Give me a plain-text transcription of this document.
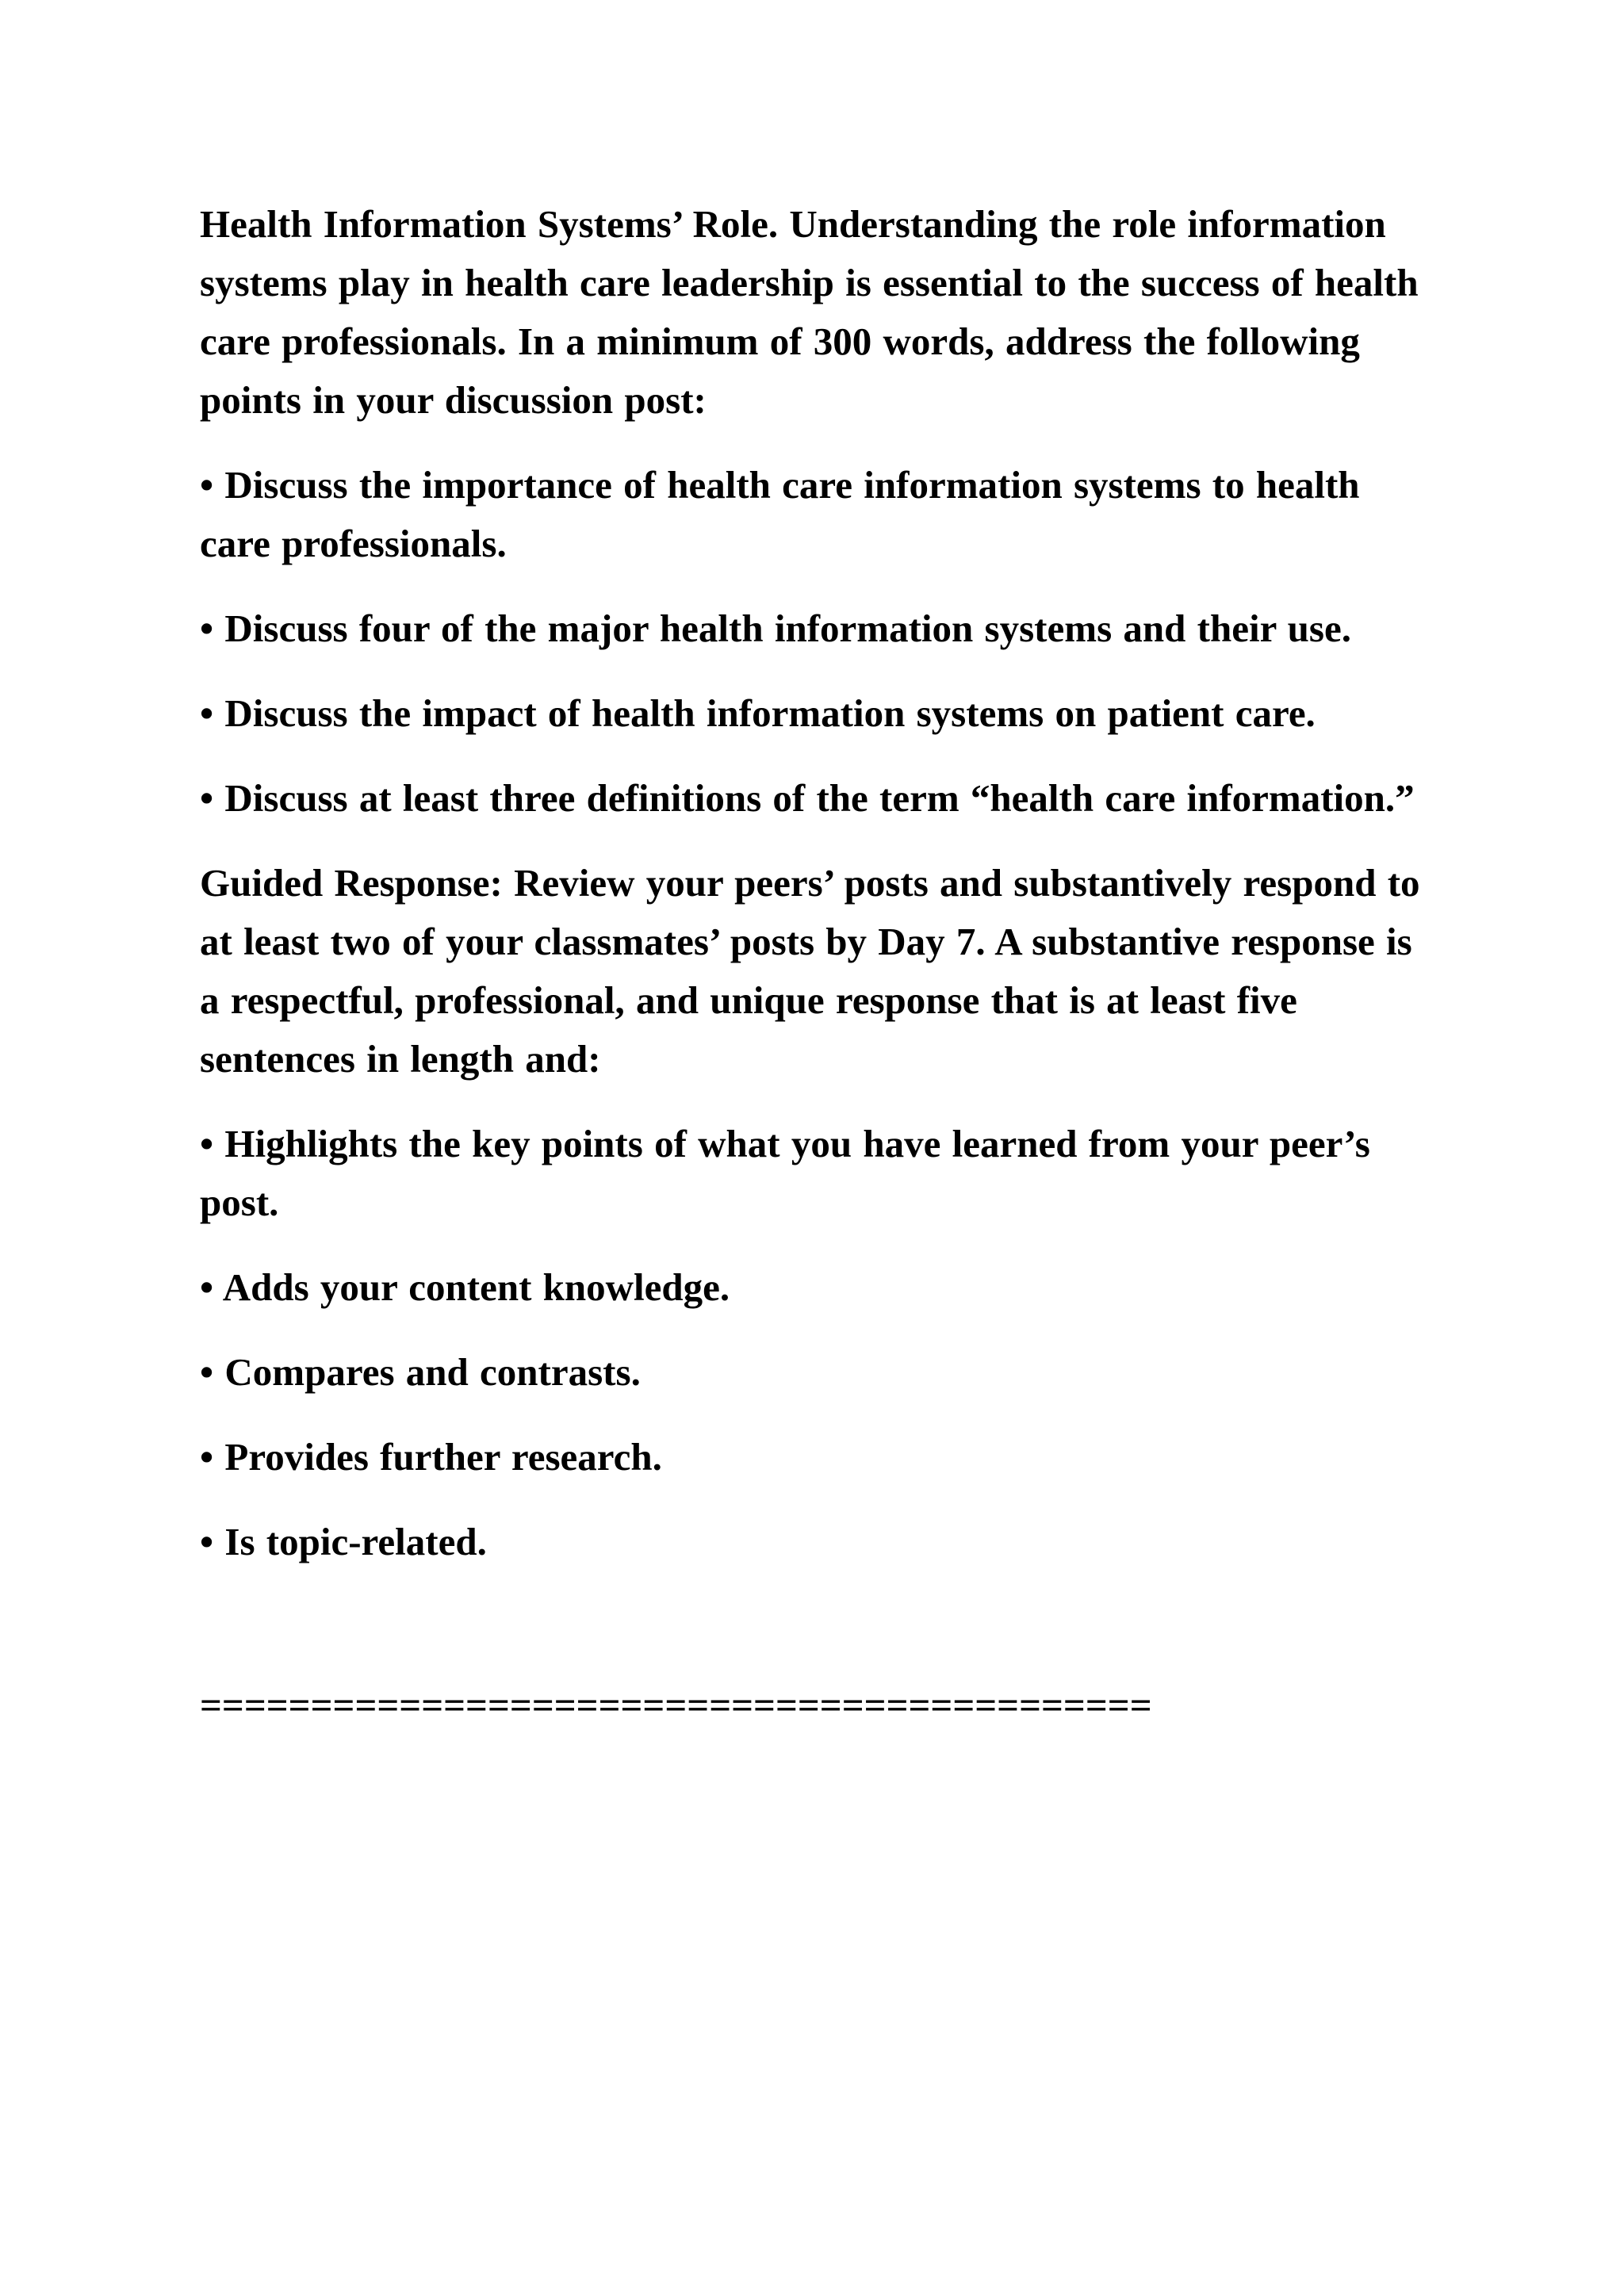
Health Information Systems’ Role. Understanding the role information systems play in health care leadership is essential to the success of health care professionals. In a minimum of 300 words, address the following points in your discussion post:

• Discuss the importance of health care information systems to health care professionals.

• Discuss four of the major health information systems and their use.

• Discuss the impact of health information systems on patient care.

• Discuss at least three definitions of the term “health care information.”

Guided Response: Review your peers’ posts and substantively respond to at least two of your classmates’ posts by Day 7. A substantive response is a respectful, professional, and unique response that is at least five sentences in length and:

• Highlights the key points of what you have learned from your peer’s post.

• Adds your content knowledge.

• Compares and contrasts.

• Provides further research.

• Is topic-related.

===========================================
